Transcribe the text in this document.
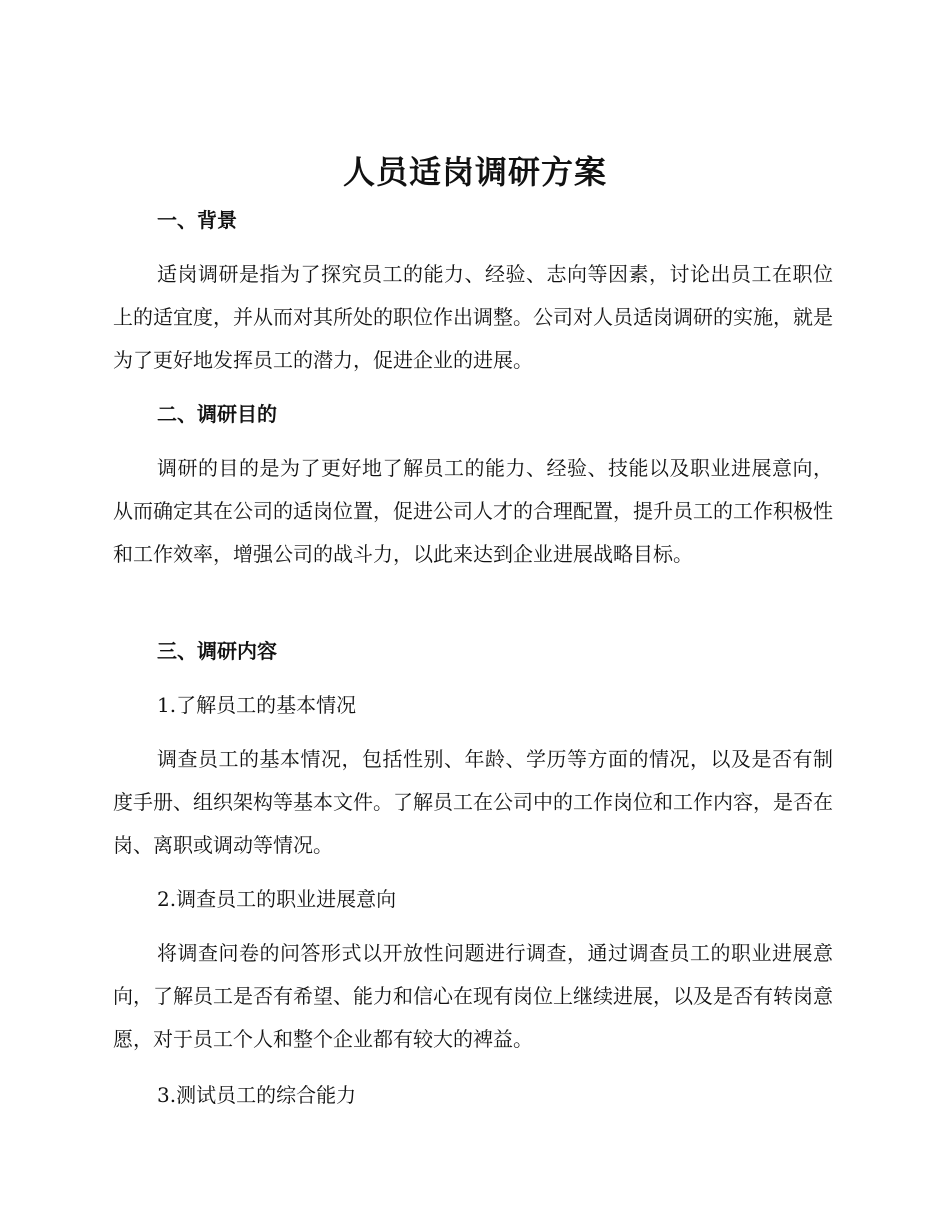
人员适岗调研方案
一、背景

适岗调研是指为了探究员工的能力、经验、志向等因素，讨论出员工在职位上的适宜度，并从而对其所处的职位作出调整。公司对人员适岗调研的实施，就是为了更好地发挥员工的潜力，促进企业的进展。

二、调研目的

调研的目的是为了更好地了解员工的能力、经验、技能以及职业进展意向，从而确定其在公司的适岗位置，促进公司人才的合理配置，提升员工的工作积极性和工作效率，增强公司的战斗力，以此来达到企业进展战略目标。

三、调研内容
1.了解员工的基本情况

调查员工的基本情况，包括性别、年龄、学历等方面的情况，以及是否有制度手册、组织架构等基本文件。了解员工在公司中的工作岗位和工作内容，是否在岗、离职或调动等情况。

2.调查员工的职业进展意向

将调查问卷的问答形式以开放性问题进行调查，通过调查员工的职业进展意向，了解员工是否有希望、能力和信心在现有岗位上继续进展，以及是否有转岗意愿，对于员工个人和整个企业都有较大的裨益。

3.测试员工的综合能力
